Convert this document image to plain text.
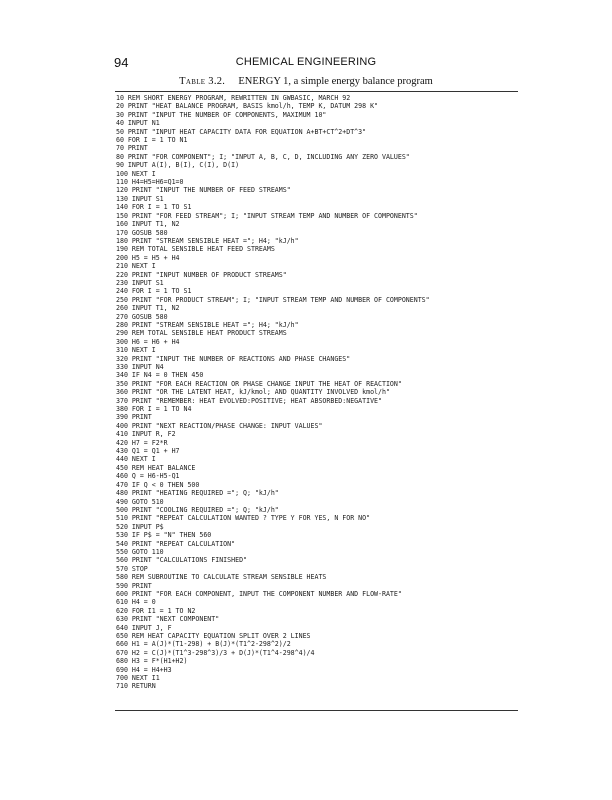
94	CHEMICAL ENGINEERING
Table 3.2. ENERGY 1, a simple energy balance program
10 REM SHORT ENERGY PROGRAM, REWRITTEN IN GWBASIC, MARCH 92
20 PRINT "HEAT BALANCE PROGRAM, BASIS kmol/h, TEMP K, DATUM 298 K"
30 PRINT "INPUT THE NUMBER OF COMPONENTS, MAXIMUM 10"
40 INPUT N1
50 PRINT "INPUT HEAT CAPACITY DATA FOR EQUATION A+BT+CT^2+DT^3"
60 FOR I = 1 TO N1
70 PRINT
80 PRINT "FOR COMPONENT"; I; "INPUT A, B, C, D, INCLUDING ANY ZERO VALUES"
90 INPUT A(I), B(I), C(I), D(I)
100 NEXT I
110 H4=H5=H6=Q1=0
120 PRINT "INPUT THE NUMBER OF FEED STREAMS"
130 INPUT S1
140 FOR I = 1 TO S1
150 PRINT "FOR FEED STREAM"; I; "INPUT STREAM TEMP AND NUMBER OF COMPONENTS"
160 INPUT T1, N2
170 GOSUB 580
180 PRINT "STREAM SENSIBLE HEAT ="; H4; "kJ/h"
190 REM TOTAL SENSIBLE HEAT FEED STREAMS
200 H5 = H5 + H4
210 NEXT I
220 PRINT "INPUT NUMBER OF PRODUCT STREAMS"
230 INPUT S1
240 FOR I = 1 TO S1
250 PRINT "FOR PRODUCT STREAM"; I; "INPUT STREAM TEMP AND NUMBER OF COMPONENTS"
260 INPUT T1, N2
270 GOSUB 580
280 PRINT "STREAM SENSIBLE HEAT ="; H4; "kJ/h"
290 REM TOTAL SENSIBLE HEAT PRODUCT STREAMS
300 H6 = H6 + H4
310 NEXT I
320 PRINT "INPUT THE NUMBER OF REACTIONS AND PHASE CHANGES"
330 INPUT N4
340 IF N4 = 0 THEN 450
350 PRINT "FOR EACH REACTION OR PHASE CHANGE INPUT THE HEAT OF REACTION"
360 PRINT "OR THE LATENT HEAT, kJ/kmol; AND QUANTITY INVOLVED kmol/h"
370 PRINT "REMEMBER: HEAT EVOLVED:POSITIVE; HEAT ABSORBED:NEGATIVE"
380 FOR I = 1 TO N4
390 PRINT
400 PRINT "NEXT REACTION/PHASE CHANGE: INPUT VALUES"
410 INPUT R, F2
420 H7 = F2*R
430 Q1 = Q1 + H7
440 NEXT I
450 REM HEAT BALANCE
460 Q = H6-H5-Q1
470 IF Q < 0 THEN 500
480 PRINT "HEATING REQUIRED ="; Q; "kJ/h"
490 GOTO 510
500 PRINT "COOLING REQUIRED ="; Q; "kJ/h"
510 PRINT "REPEAT CALCULATION WANTED ? TYPE Y FOR YES, N FOR NO"
520 INPUT P$
530 IF P$ = "N" THEN 560
540 PRINT "REPEAT CALCULATION"
550 GOTO 110
560 PRINT "CALCULATIONS FINISHED"
570 STOP
580 REM SUBROUTINE TO CALCULATE STREAM SENSIBLE HEATS
590 PRINT
600 PRINT "FOR EACH COMPONENT, INPUT THE COMPONENT NUMBER AND FLOW-RATE"
610 H4 = 0
620 FOR I1 = 1 TO N2
630 PRINT "NEXT COMPONENT"
640 INPUT J, F
650 REM HEAT CAPACITY EQUATION SPLIT OVER 2 LINES
660 H1 = A(J)*(T1-298) + B(J)*(T1^2-298^2)/2
670 H2 = C(J)*(T1^3-298^3)/3 + D(J)*(T1^4-298^4)/4
680 H3 = F*(H1+H2)
690 H4 = H4+H3
700 NEXT I1
710 RETURN
